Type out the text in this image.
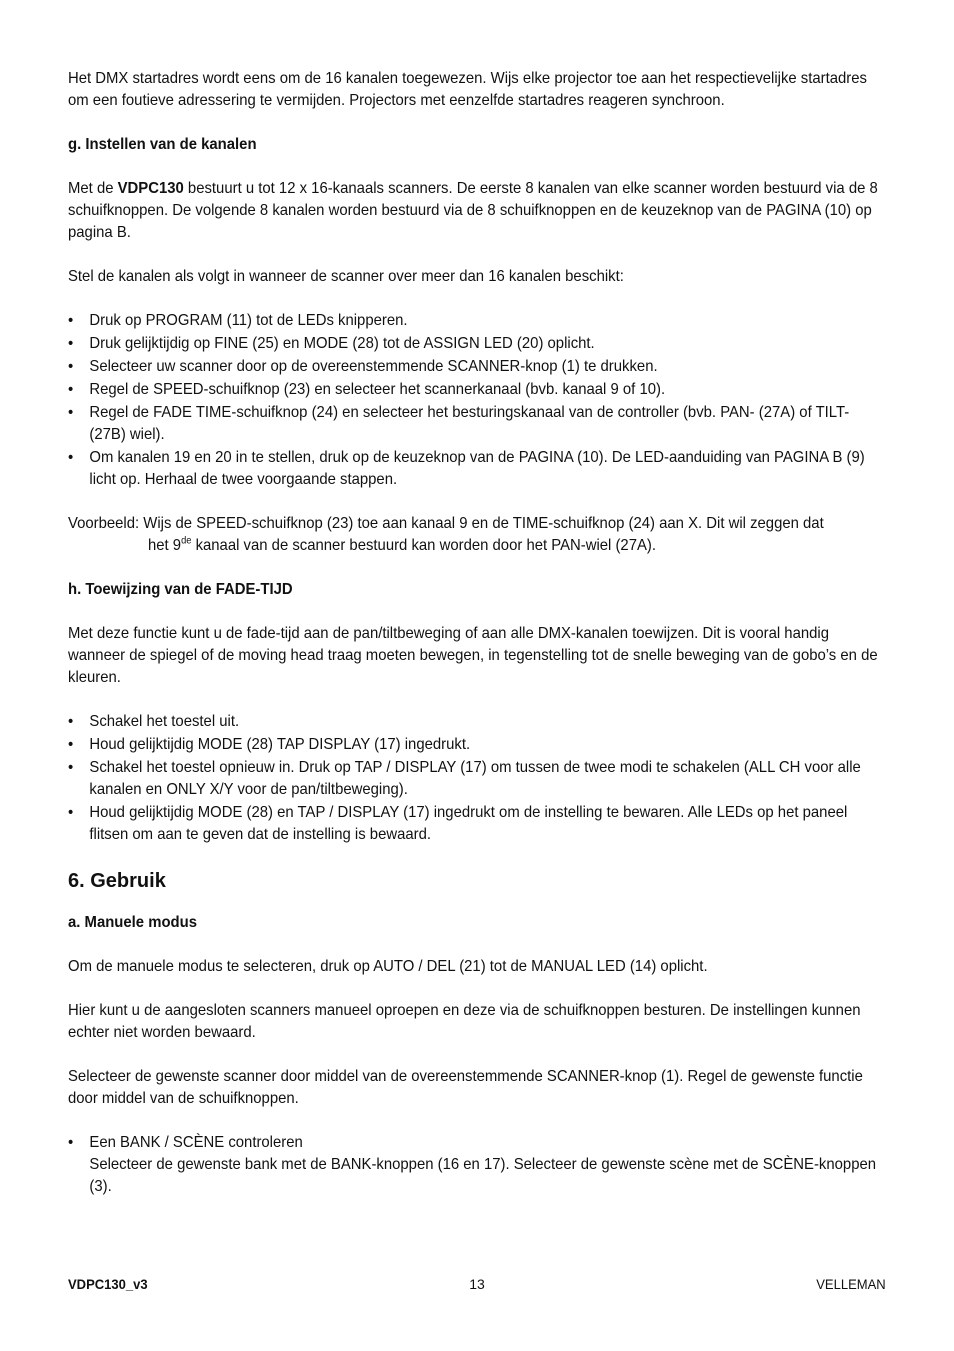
Het DMX startadres wordt eens om de 16 kanalen toegewezen. Wijs elke projector toe aan het respectievelijke startadres om een foutieve adressering te vermijden. Projectors met eenzelfde startadres reageren synchroon.

g. Instellen van de kanalen

Met de VDPC130 bestuurt u tot 12 x 16-kanaals scanners. De eerste 8 kanalen van elke scanner worden bestuurd via de 8 schuifknoppen. De volgende 8 kanalen worden bestuurd via de 8 schuifknoppen en de keuzeknop van de PAGINA (10) op pagina B.

Stel de kanalen als volgt in wanneer de scanner over meer dan 16 kanalen beschikt:

• Druk op PROGRAM (11) tot de LEDs knipperen.
• Druk gelijktijdig op FINE (25) en MODE (28) tot de ASSIGN LED (20) oplicht.
• Selecteer uw scanner door op de overeenstemmende SCANNER-knop (1) te drukken.
• Regel de SPEED-schuifknop (23) en selecteer het scannerkanaal (bvb. kanaal 9 of 10).
• Regel de FADE TIME-schuifknop (24) en selecteer het besturingskanaal van de controller (bvb. PAN- (27A) of TILT- (27B) wiel).
• Om kanalen 19 en 20 in te stellen, druk op de keuzeknop van de PAGINA (10). De LED-aanduiding van PAGINA B (9) licht op. Herhaal de twee voorgaande stappen.
Voorbeeld: Wijs de SPEED-schuifknop (23) toe aan kanaal 9 en de TIME-schuifknop (24) aan X. Dit wil zeggen dat
het 9de kanaal van de scanner bestuurd kan worden door het PAN-wiel (27A).

h. Toewijzing van de FADE-TIJD

Met deze functie kunt u de fade-tijd aan de pan/tiltbeweging of aan alle DMX-kanalen toewijzen. Dit is vooral handig wanneer de spiegel of de moving head traag moeten bewegen, in tegenstelling tot de snelle beweging van de gobo’s en de kleuren.

• Schakel het toestel uit.
• Houd gelijktijdig MODE (28) TAP DISPLAY (17) ingedrukt.
• Schakel het toestel opnieuw in. Druk op TAP / DISPLAY (17) om tussen de twee modi te schakelen (ALL CH voor alle kanalen en ONLY X/Y voor de pan/tiltbeweging).
• Houd gelijktijdig MODE (28) en TAP / DISPLAY (17) ingedrukt om de instelling te bewaren. Alle LEDs op het paneel flitsen om aan te geven dat de instelling is bewaard.

6. Gebruik

a. Manuele modus

Om de manuele modus te selecteren, druk op AUTO / DEL (21) tot de MANUAL LED (14) oplicht.

Hier kunt u de aangesloten scanners manueel oproepen en deze via de schuifknoppen besturen. De instellingen kunnen echter niet worden bewaard.

Selecteer de gewenste scanner door middel van de overeenstemmende SCANNER-knop (1). Regel de gewenste functie door middel van de schuifknoppen.

• Een BANK / SCÈNE controleren
Selecteer de gewenste bank met de BANK-knoppen (16 en 17). Selecteer de gewenste scène met de SCÈNE-knoppen (3).
VDPC130_v3	13	VELLEMAN
